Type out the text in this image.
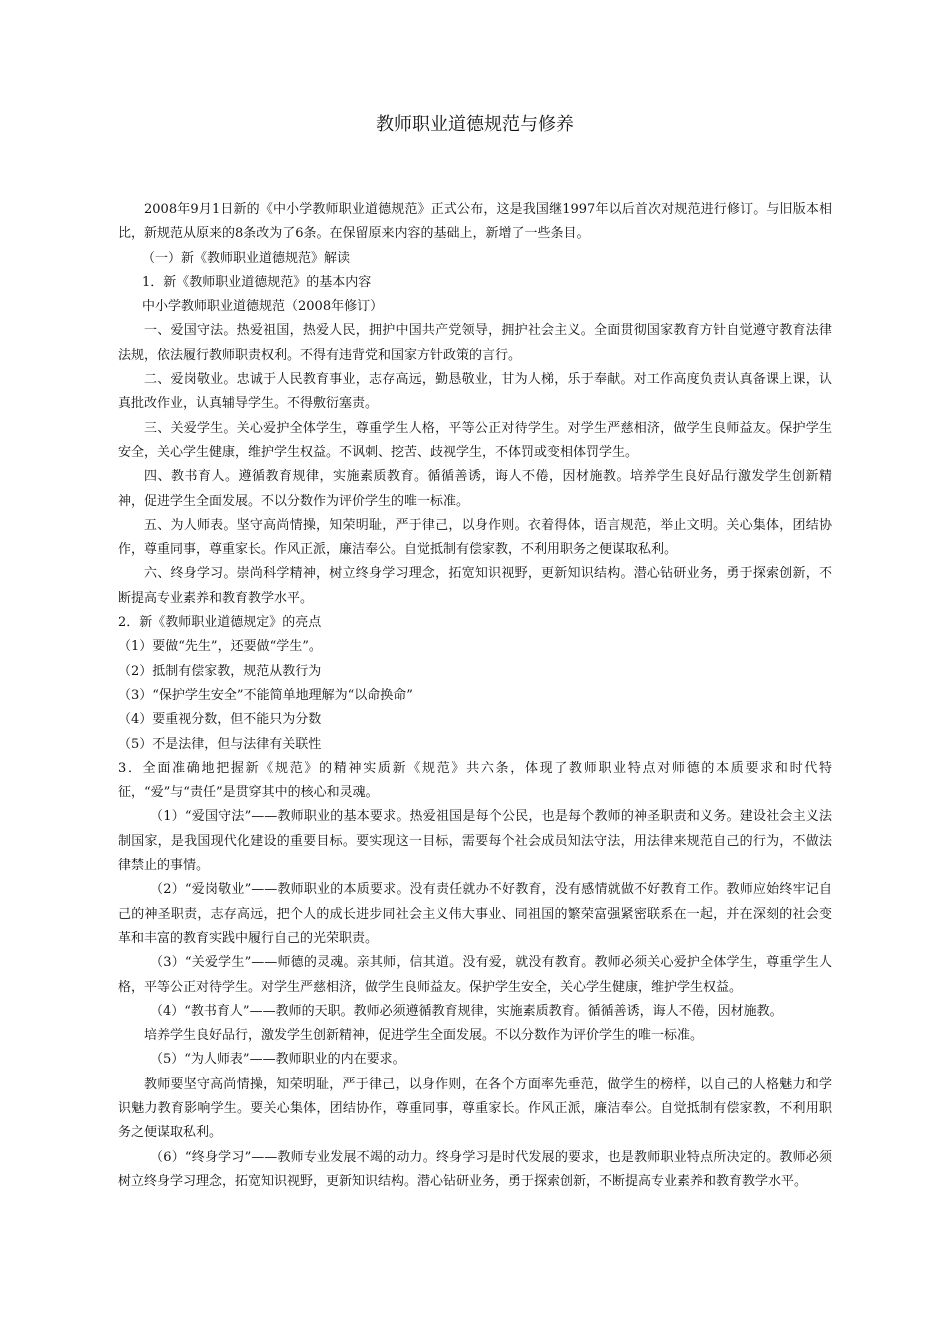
教师职业道德规范与修养

2008年9月1日新的《中小学教师职业道德规范》正式公布，这是我国继1997年以后首次对规范进行修订。与旧版本相比，新规范从原来的8条改为了6条。在保留原来内容的基础上，新增了一些条目。

（一）新《教师职业道德规范》解读

1．新《教师职业道德规范》的基本内容

中小学教师职业道德规范（2008年修订）

一、爱国守法。热爱祖国，热爱人民，拥护中国共产党领导，拥护社会主义。全面贯彻国家教育方针自觉遵守教育法律法规，依法履行教师职责权利。不得有违背党和国家方针政策的言行。

二、爱岗敬业。忠诚于人民教育事业，志存高远，勤恳敬业，甘为人梯，乐于奉献。对工作高度负责认真备课上课，认真批改作业，认真辅导学生。不得敷衍塞责。

三、关爱学生。关心爱护全体学生，尊重学生人格，平等公正对待学生。对学生严慈相济，做学生良师益友。保护学生安全，关心学生健康，维护学生权益。不讽刺、挖苦、歧视学生，不体罚或变相体罚学生。

四、教书育人。遵循教育规律，实施素质教育。循循善诱，诲人不倦，因材施教。培养学生良好品行激发学生创新精神，促进学生全面发展。不以分数作为评价学生的唯一标准。

五、为人师表。坚守高尚情操，知荣明耻，严于律己，以身作则。衣着得体，语言规范，举止文明。关心集体，团结协作，尊重同事，尊重家长。作风正派，廉洁奉公。自觉抵制有偿家教，不利用职务之便谋取私利。

六、终身学习。崇尚科学精神，树立终身学习理念，拓宽知识视野，更新知识结构。潜心钻研业务，勇于探索创新，不断提高专业素养和教育教学水平。

2．新《教师职业道德规定》的亮点

（1）要做“先生”，还要做“学生”。

（2）抵制有偿家教，规范从教行为

（3）“保护学生安全”不能简单地理解为“以命换命”

（4）要重视分数，但不能只为分数

（5）不是法律，但与法律有关联性

3．全面准确地把握新《规范》的精神实质新《规范》共六条，体现了教师职业特点对师德的本质要求和时代特征，“爱”与“责任”是贯穿其中的核心和灵魂。

（1）“爱国守法”——教师职业的基本要求。热爱祖国是每个公民，也是每个教师的神圣职责和义务。建设社会主义法制国家，是我国现代化建设的重要目标。要实现这一目标，需要每个社会成员知法守法，用法律来规范自己的行为，不做法律禁止的事情。

（2）“爱岗敬业”——教师职业的本质要求。没有责任就办不好教育，没有感情就做不好教育工作。教师应始终牢记自己的神圣职责，志存高远，把个人的成长进步同社会主义伟大事业、同祖国的繁荣富强紧密联系在一起，并在深刻的社会变革和丰富的教育实践中履行自己的光荣职责。

（3）“关爱学生”——师德的灵魂。亲其师，信其道。没有爱，就没有教育。教师必须关心爱护全体学生，尊重学生人格，平等公正对待学生。对学生严慈相济，做学生良师益友。保护学生安全，关心学生健康，维护学生权益。

（4）“教书育人”——教师的天职。教师必须遵循教育规律，实施素质教育。循循善诱，诲人不倦，因材施教。

培养学生良好品行，激发学生创新精神，促进学生全面发展。不以分数作为评价学生的唯一标准。

（5）“为人师表”——教师职业的内在要求。

教师要坚守高尚情操，知荣明耻，严于律己，以身作则，在各个方面率先垂范，做学生的榜样，以自己的人格魅力和学识魅力教育影响学生。要关心集体，团结协作，尊重同事，尊重家长。作风正派，廉洁奉公。自觉抵制有偿家教，不利用职务之便谋取私利。

（6）“终身学习”——教师专业发展不竭的动力。终身学习是时代发展的要求，也是教师职业特点所决定的。教师必须树立终身学习理念，拓宽知识视野，更新知识结构。潜心钻研业务，勇于探索创新，不断提高专业素养和教育教学水平。
